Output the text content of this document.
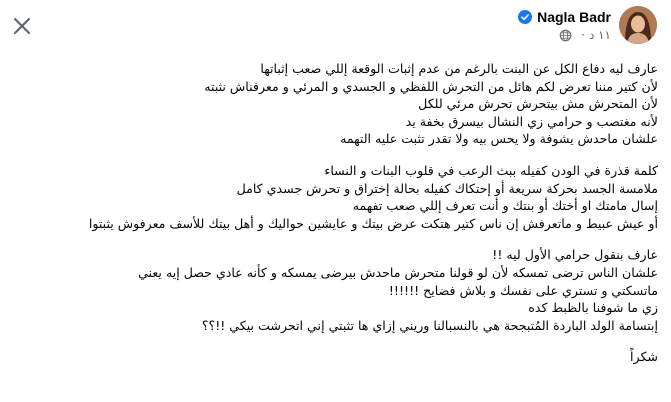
Nagla Badr
· ١١ د
عارف ليه دفاع الكل عن البنت بالرغم من عدم إثبات الوقعة إللي صعب إثباتها
لأن كتير مننا تعرض لكم هائل من التحرش اللفظي و الجسدي و المرئي و معرفناش نثبته
لأن المتحرش مش بيتحرش تحرش مرئي للكل
لأنه مغتصب و حرامي زي النشال بيسرق بخفة يد
علشان ماحدش يشوفة ولا يحس بيه ولا تقدر تثبت عليه التهمه
كلمة قذرة في الودن كفيله ببث الرعب في قلوب البنات و النساء
ملامسة الجسد بحركة سريعة أو إحتكاك كفيله بحالة إختراق و تحرش جسدي كامل
إسال مامتك او أختك أو بنتك و أنت تعرف إللي صعب تفهمه
أو عيش عبيط و ماتعرفش إن ناس كتير هتكت عرض بيتك و عايشين حواليك و أهل بيتك للأسف معرفوش يثبتوا
عارف بنقول حرامي الأول ليه !!
علشان الناس ترضى تمسكه لأن لو قولنا متحرش ماحدش بيرضى يمسكه و كأنه عادي حصل إيه يعني
ماتسكتي و تستري على نفسك و بلاش فضايح !!!!!!
زي ما شوفنا بالظبط كده
إبتسامة الولد الباردة المُتبجحة هي بالنسبالنا وريني إزاي ها تثبتي إني اتحرشت بيكي !!؟؟
شكراً
